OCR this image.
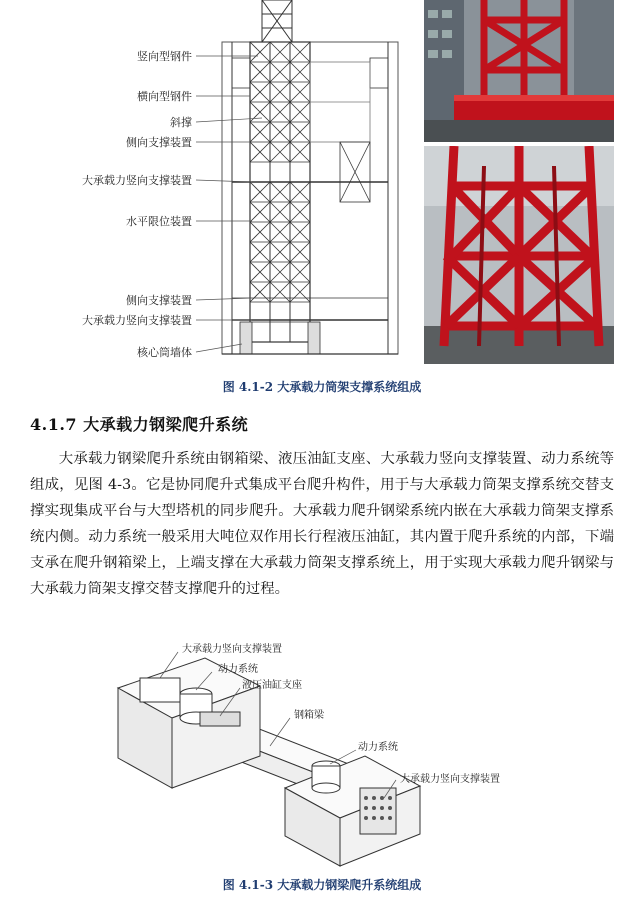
竖向型钢件
横向型钢件
斜撑
侧向支撑装置
大承载力竖向支撑装置
水平限位装置
侧向支撑装置
大承载力竖向支撑装置
核心筒墙体
图 4.1-2 大承载力筒架支撑系统组成
4.1.7 大承载力钢梁爬升系统

大承载力钢梁爬升系统由钢箱梁、液压油缸支座、大承载力竖向支撑装置、动力系统等组成，见图 4-3。它是协同爬升式集成平台爬升构件，用于与大承载力筒架支撑系统交替支撑实现集成平台与大型塔机的同步爬升。大承载力爬升钢梁系统内嵌在大承载力筒架支撑系统内侧。动力系统一般采用大吨位双作用长行程液压油缸，其内置于爬升系统的内部，下端支承在爬升钢箱梁上，上端支撑在大承载力筒架支撑系统上，用于实现大承载力爬升钢梁与大承载力筒架支撑交替支撑爬升的过程。

大承载力竖向支撑装置
动力系统
液压油缸支座
钢箱梁
动力系统
大承载力竖向支撑装置
图 4.1-3 大承载力钢梁爬升系统组成
